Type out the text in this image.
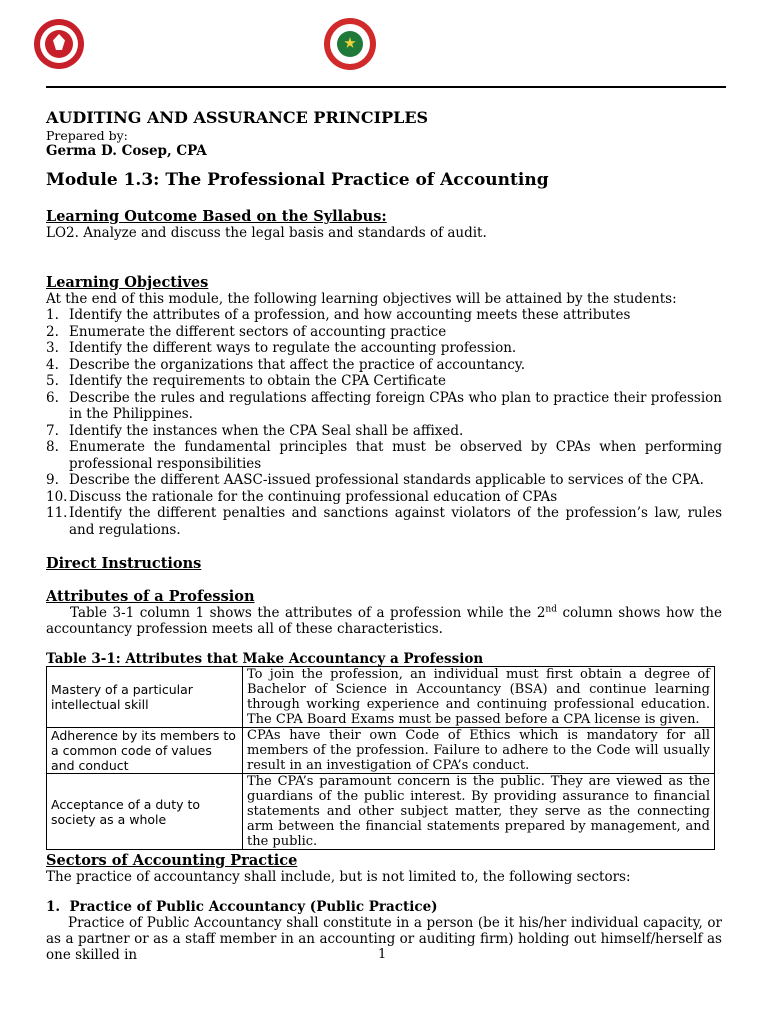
AUDITING AND ASSURANCE PRINCIPLES
Prepared by:
Germa D. Cosep, CPA
Module 1.3: The Professional Practice of Accounting
Learning Outcome Based on the Syllabus:
LO2. Analyze and discuss the legal basis and standards of audit.
Learning Objectives
At the end of this module, the following learning objectives will be attained by the students:
1. Identify the attributes of a profession, and how accounting meets these attributes
2. Enumerate the different sectors of accounting practice
3. Identify the different ways to regulate the accounting profession.
4. Describe the organizations that affect the practice of accountancy.
5. Identify the requirements to obtain the CPA Certificate
6. Describe the rules and regulations affecting foreign CPAs who plan to practice their profession in the Philippines.
7. Identify the instances when the CPA Seal shall be affixed.
8. Enumerate the fundamental principles that must be observed by CPAs when performing professional responsibilities
9. Describe the different AASC-issued professional standards applicable to services of the CPA.
10. Discuss the rationale for the continuing professional education of CPAs
11. Identify the different penalties and sanctions against violators of the profession’s law, rules and regulations.
Direct Instructions
Attributes of a Profession
Table 3-1 column 1 shows the attributes of a profession while the 2nd column shows how the accountancy profession meets all of these characteristics.
Table 3-1: Attributes that Make Accountancy a Profession
Mastery of a particular intellectual skill	To join the profession, an individual must first obtain a degree of Bachelor of Science in Accountancy (BSA) and continue learning through working experience and continuing professional education. The CPA Board Exams must be passed before a CPA license is given.
Adherence by its members to a common code of values and conduct	CPAs have their own Code of Ethics which is mandatory for all members of the profession. Failure to adhere to the Code will usually result in an investigation of CPA’s conduct.
Acceptance of a duty to society as a whole	The CPA’s paramount concern is the public. They are viewed as the guardians of the public interest. By providing assurance to financial statements and other subject matter, they serve as the connecting arm between the financial statements prepared by management, and the public.
Sectors of Accounting Practice
The practice of accountancy shall include, but is not limited to, the following sectors:
1. Practice of Public Accountancy (Public Practice)
Practice of Public Accountancy shall constitute in a person (be it his/her individual capacity, or as a partner or as a staff member in an accounting or auditing firm) holding out himself/herself as one skilled in	1
